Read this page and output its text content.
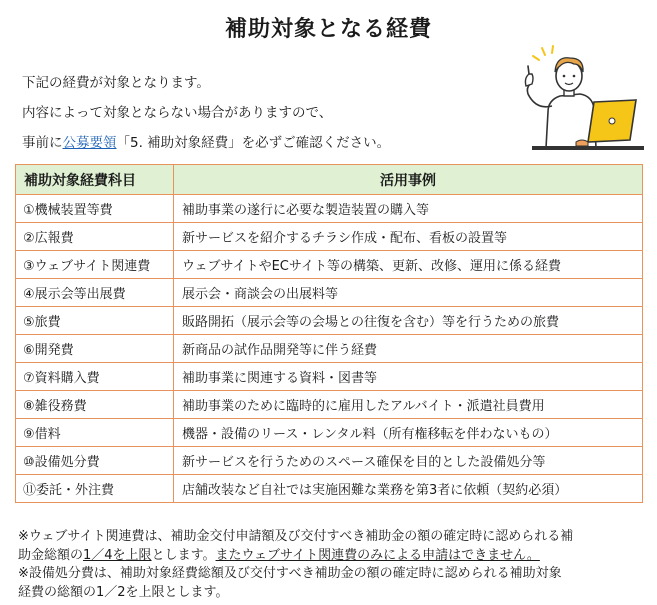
補助対象となる経費
下記の経費が対象となります。
内容によって対象とならない場合がありますので、
事前に公募要領「5. 補助対象経費」を必ずご確認ください。
補助対象経費科目	活用事例
①機械装置等費	補助事業の遂行に必要な製造装置の購入等
②広報費	新サービスを紹介するチラシ作成・配布、看板の設置等
③ウェブサイト関連費	ウェブサイトやECサイト等の構築、更新、改修、運用に係る経費
④展示会等出展費	展示会・商談会の出展料等
⑤旅費	販路開拓（展示会等の会場との往復を含む）等を行うための旅費
⑥開発費	新商品の試作品開発等に伴う経費
⑦資料購入費	補助事業に関連する資料・図書等
⑧雑役務費	補助事業のために臨時的に雇用したアルバイト・派遣社員費用
⑨借料	機器・設備のリース・レンタル料（所有権移転を伴わないもの）
⑩設備処分費	新サービスを行うためのスペース確保を目的とした設備処分等
⑪委託・外注費	店舗改装など自社では実施困難な業務を第3者に依頼（契約必須）
※ウェブサイト関連費は、補助金交付申請額及び交付すべき補助金の額の確定時に認められる補
助金総額の1／4を上限とします。またウェブサイト関連費のみによる申請はできません。
※設備処分費は、補助対象経費総額及び交付すべき補助金の額の確定時に認められる補助対象
経費の総額の1／2を上限とします。
